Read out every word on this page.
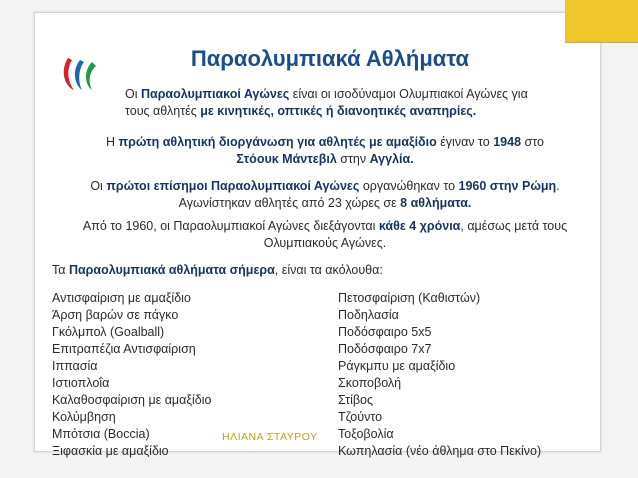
Παραολυμπιακά Αθλήματα
Οι Παραολυμπιακοί Αγώνες είναι οι ισοδύναμοι Ολυμπιακοί Αγώνες για τους αθλητές με κινητικές, οπτικές ή διανοητικές αναπηρίες.
Η πρώτη αθλητική διοργάνωση για αθλητές με αμαξίδιο έγιναν το 1948 στο Στόουκ Μάντεβιλ στην Αγγλία.
Οι πρώτοι επίσημοι Παραολυμπιακοί Αγώνες οργανώθηκαν το 1960 στην Ρώμη. Αγωνίστηκαν αθλητές από 23 χώρες σε 8 αθλήματα.
Από το 1960, οι Παραολυμπιακοί Αγώνες διεξάγονται κάθε 4 χρόνια, αμέσως μετά τους Ολυμπιακούς Αγώνες.
Τα Παραολυμπιακά αθλήματα σήμερα, είναι τα ακόλουθα:
Αντισφαίριση με αμαξίδιο
Άρση βαρών σε πάγκο
Γκόλμπολ (Goalball)
Επιτραπέζια Αντισφαίριση
Ιππασία
Ιστιοπλοΐα
Καλαθοσφαίριση με αμαξίδιο
Κολύμβηση
Μπότσια (Boccia)
Ξιφασκία με αμαξίδιο
Πετοσφαίριση (Καθιστών)
Ποδηλασία
Ποδόσφαιρο 5x5
Ποδόσφαιρο 7x7
Ράγκμπυ με αμαξίδιο
Σκοποβολή
Στίβος
Τζούντο
Τοξοβολία
Κωπηλασία (νέο άθλημα στο Πεκίνο)
ΗΛΙΑΝΑ ΣΤΑΥΡΟΥ
